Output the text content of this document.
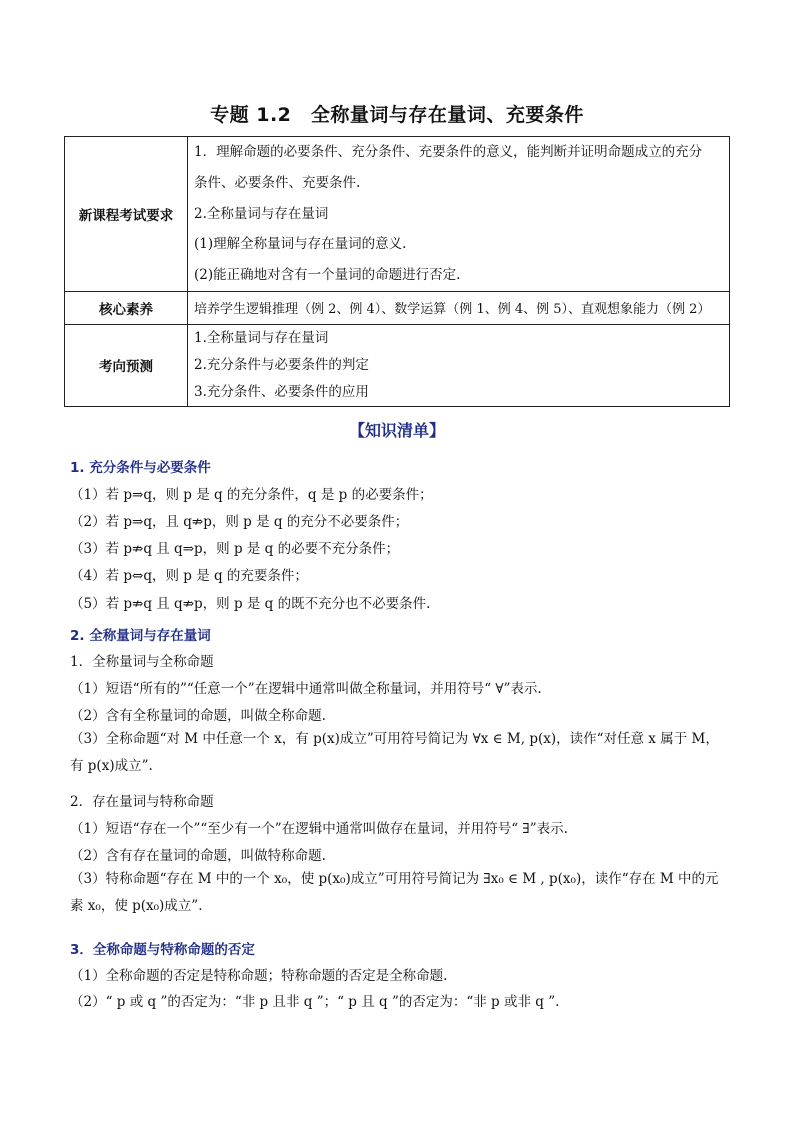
专题 1.2　全称量词与存在量词、充要条件
新课程考试要求	1．理解命题的必要条件、充分条件、充要条件的意义，能判断并证明命题成立的充分

条件、必要条件、充要条件.

2.全称量词与存在量词

(1)理解全称量词与存在量词的意义.

(2)能正确地对含有一个量词的命题进行否定.

核心素养	培养学生逻辑推理（例 2、例 4）、数学运算（例 1、例 4、例 5）、直观想象能力（例 2）
考向预测	1.全称量词与存在量词

2.充分条件与必要条件的判定

3.充分条件、必要条件的应用

【知识清单】
1. 充分条件与必要条件
（1）若 p⇒q，则 p 是 q 的充分条件，q 是 p 的必要条件；
（2）若 p⇒q，且 q⇏p，则 p 是 q 的充分不必要条件；
（3）若 p⇏q 且 q⇒p，则 p 是 q 的必要不充分条件；
（4）若 p⇔q，则 p 是 q 的充要条件；
（5）若 p⇏q 且 q⇏p，则 p 是 q 的既不充分也不必要条件.
2. 全称量词与存在量词
1．全称量词与全称命题
（1）短语“所有的”“任意一个”在逻辑中通常叫做全称量词，并用符号“ ∀”表示.
（2）含有全称量词的命题，叫做全称命题.
（3）全称命题“对 M 中任意一个 x，有 p(x)成立”可用符号简记为 ∀x ∈ M, p(x)，读作“对任意 x 属于 M，有 p(x)成立”.
2．存在量词与特称命题
（1）短语“存在一个”“至少有一个”在逻辑中通常叫做存在量词，并用符号“ ∃”表示.
（2）含有存在量词的命题，叫做特称命题.
（3）特称命题“存在 M 中的一个 x₀，使 p(x₀)成立”可用符号简记为 ∃x₀ ∈ M , p(x₀)，读作“存在 M 中的元素 x₀，使 p(x₀)成立”.
3．全称命题与特称命题的否定
（1）全称命题的否定是特称命题；特称命题的否定是全称命题.
（2）“ p 或 q ”的否定为：“非 p 且非 q ”；“ p 且 q ”的否定为：“非 p 或非 q ”.
